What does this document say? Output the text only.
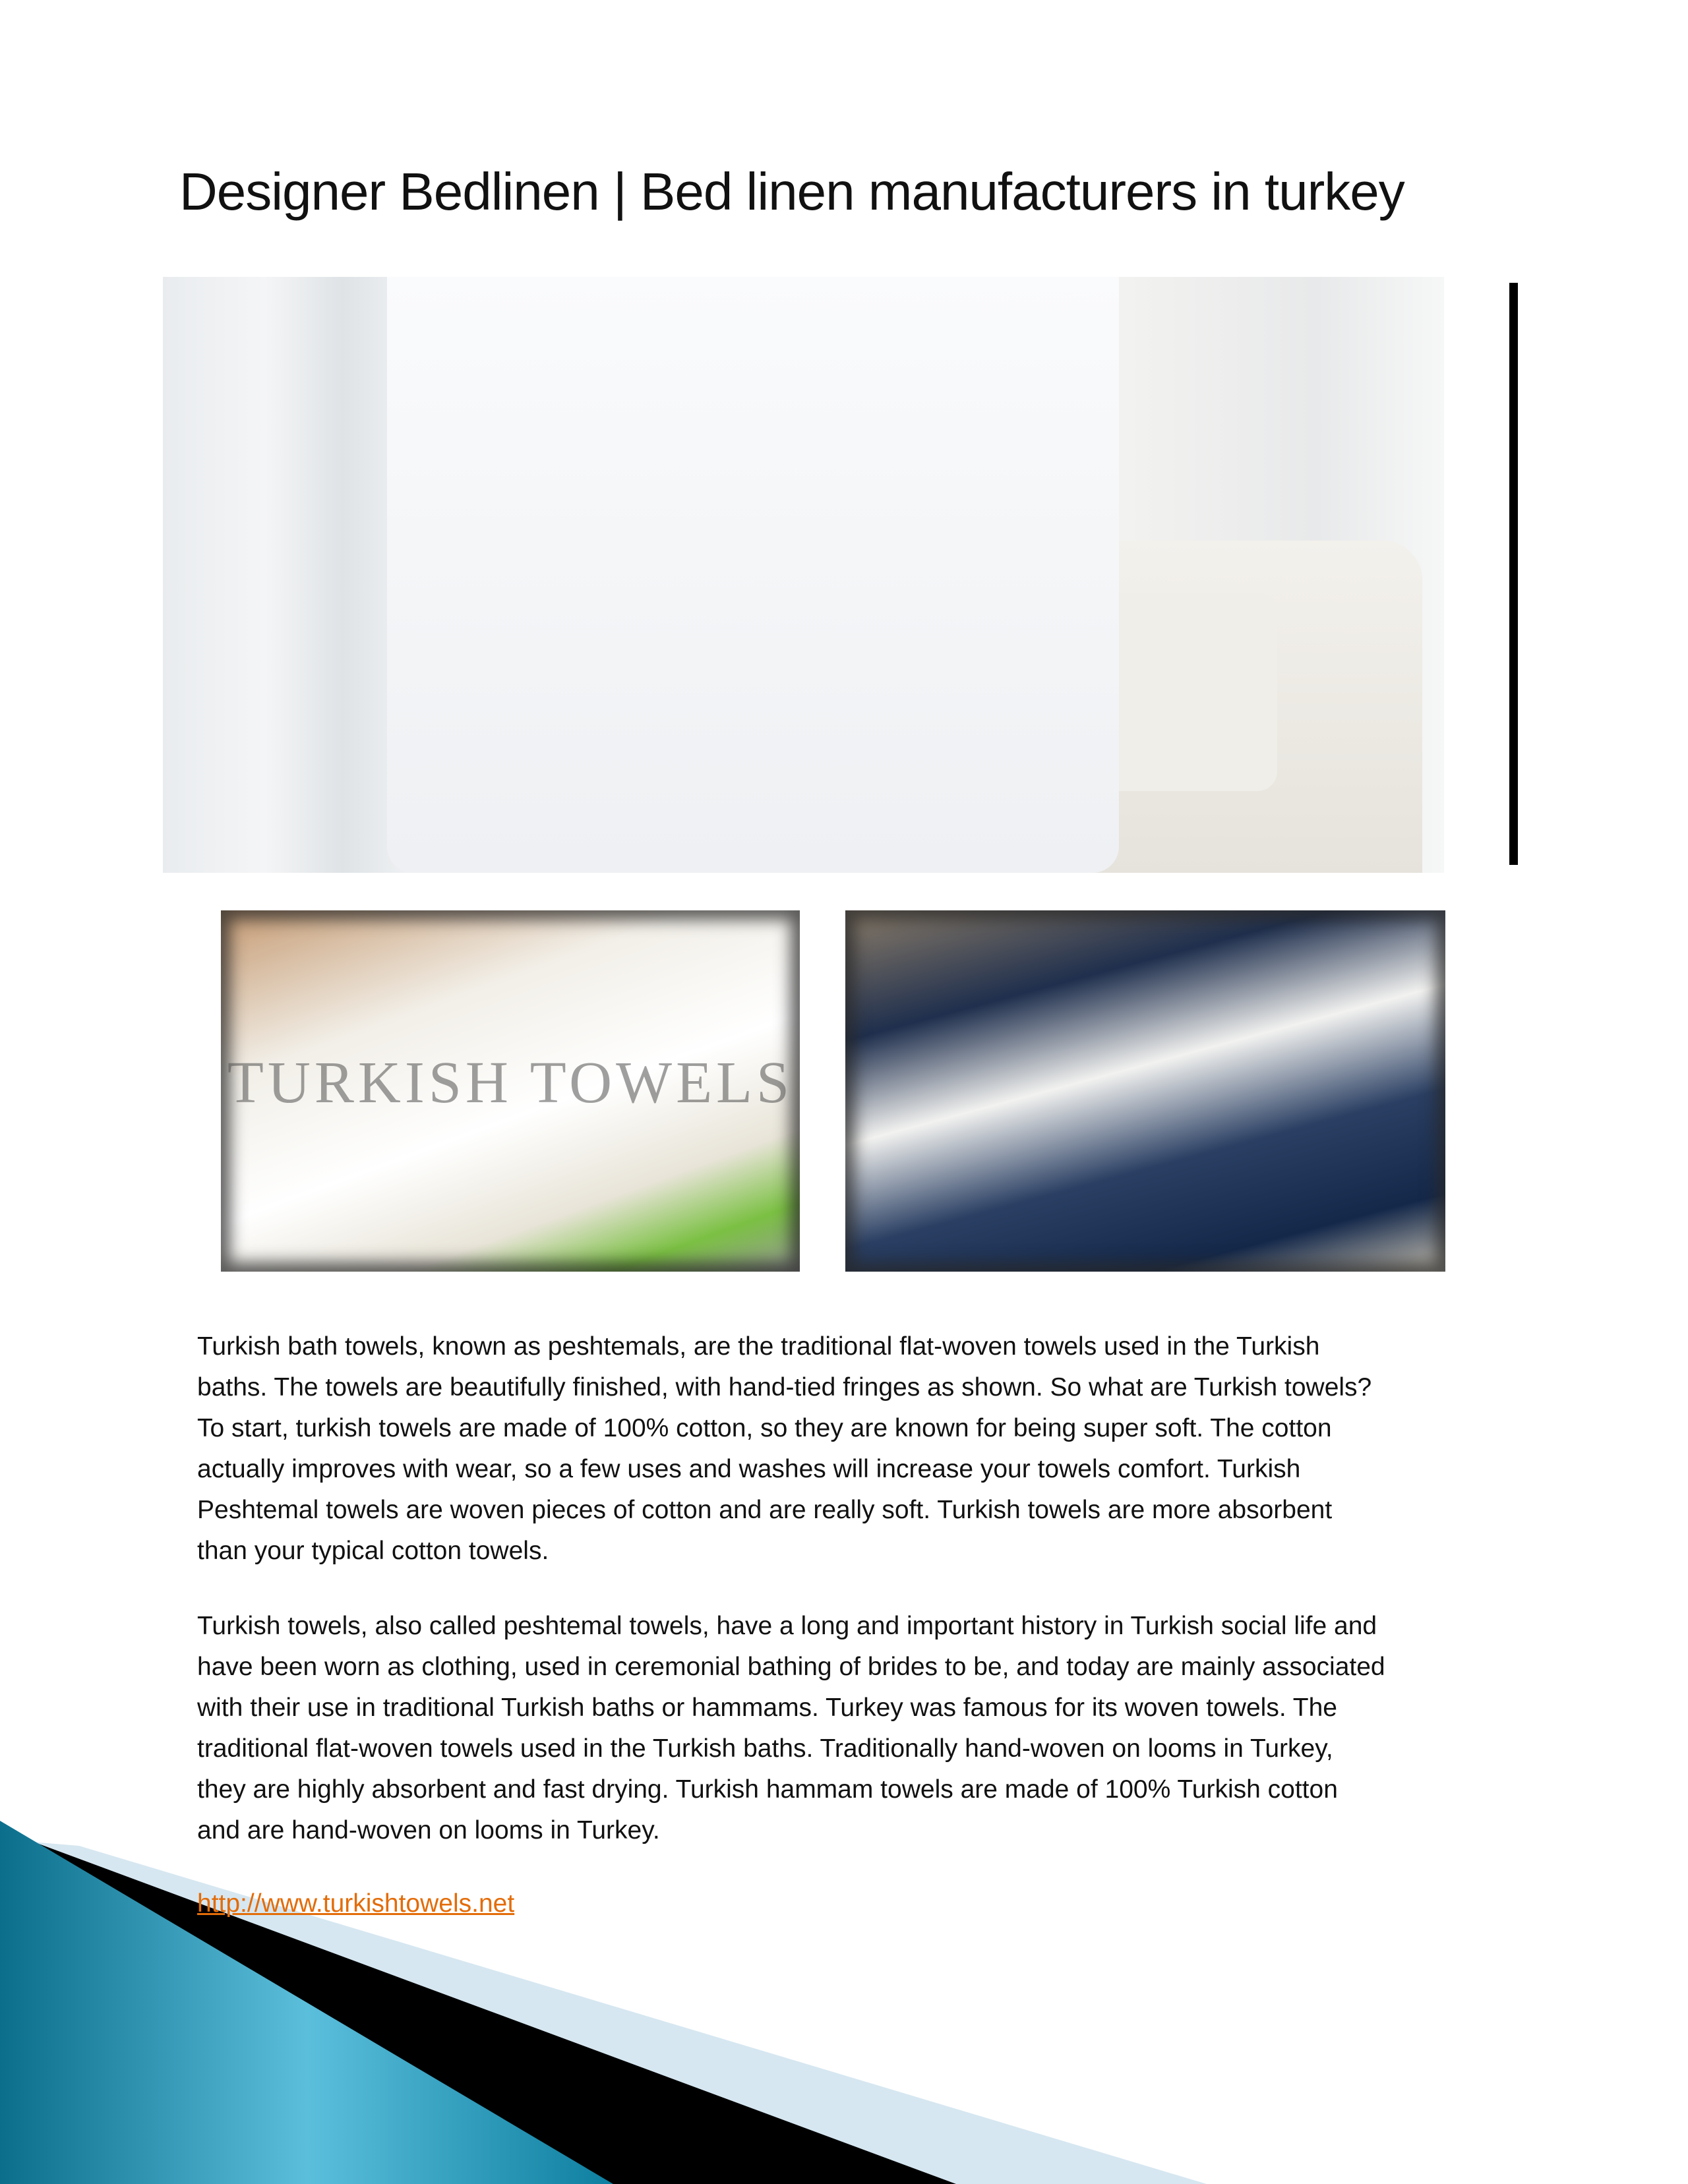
Designer Bedlinen | Bed linen manufacturers in turkey
TURKISH TOWELS
Turkish bath towels, known as peshtemals, are the traditional flat-woven towels used in the Turkish
baths. The towels are beautifully finished, with hand-tied fringes as shown. So what are Turkish towels?
To start, turkish towels are made of 100% cotton, so they are known for being super soft. The cotton
actually improves with wear, so a few uses and washes will increase your towels comfort. Turkish
Peshtemal towels are woven pieces of cotton and are really soft. Turkish towels are more absorbent
than your typical cotton towels.
Turkish towels, also called peshtemal towels, have a long and important history in Turkish social life and
have been worn as clothing, used in ceremonial bathing of brides to be, and today are mainly associated
with their use in traditional Turkish baths or hammams. Turkey was famous for its woven towels. The
traditional flat-woven towels used in the Turkish baths. Traditionally hand-woven on looms in Turkey,
they are highly absorbent and fast drying. Turkish hammam towels are made of 100% Turkish cotton
and are hand-woven on looms in Turkey.
http://www.turkishtowels.net
